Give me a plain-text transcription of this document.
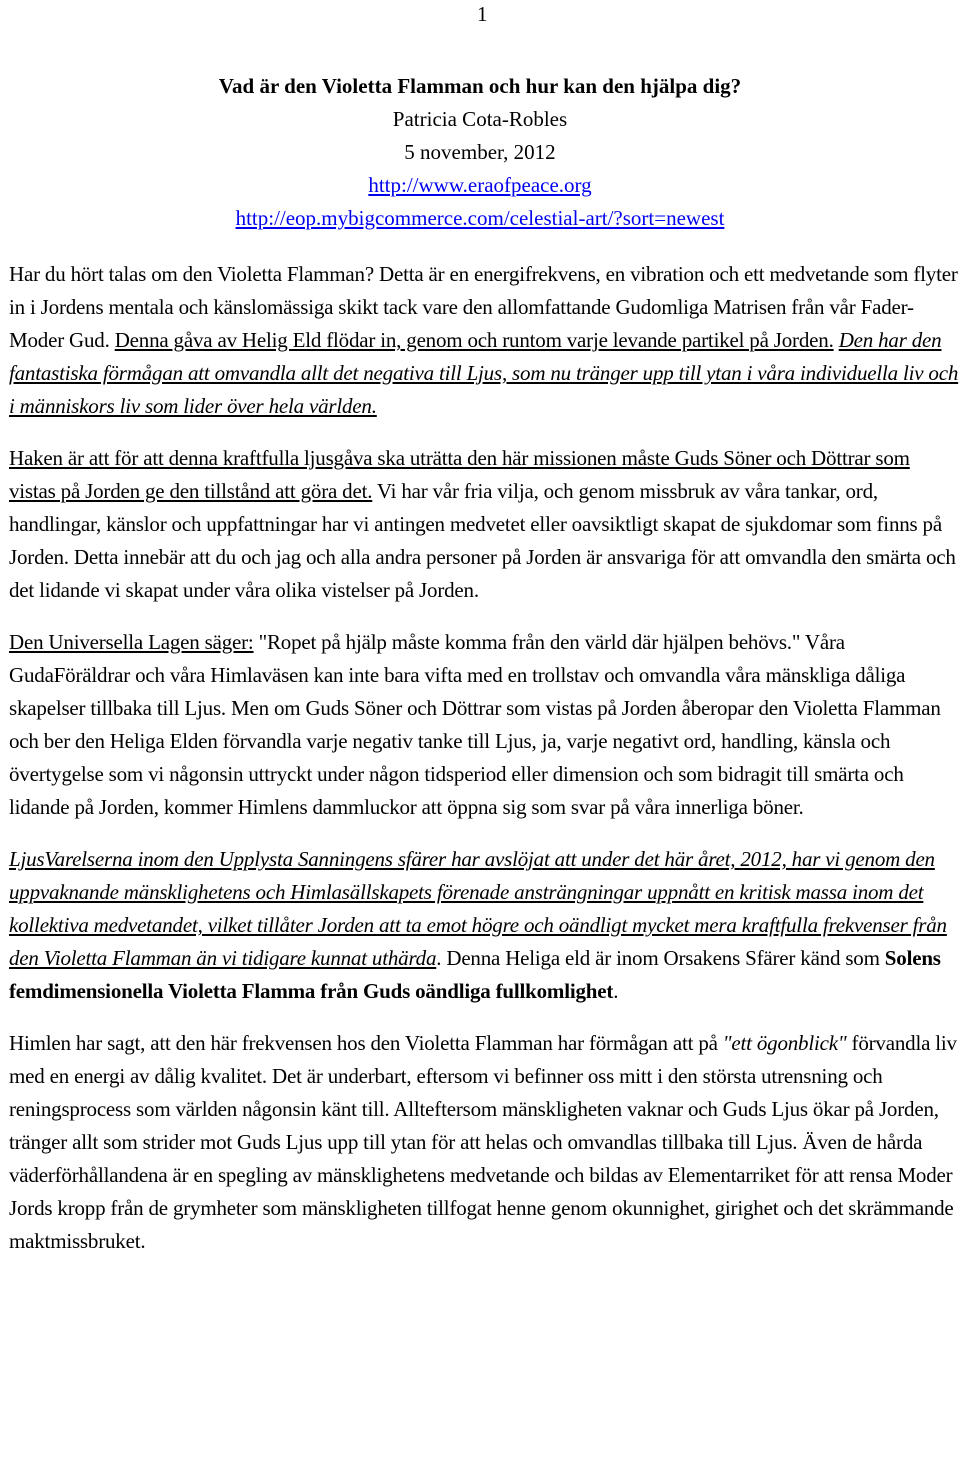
1
Vad är den Violetta Flamman och hur kan den hjälpa dig?
Patricia Cota-Robles
5 november, 2012
http://www.eraofpeace.org
http://eop.mybigcommerce.com/celestial-art/?sort=newest

Har du hört talas om den Violetta Flamman? Detta är en energifrekvens, en vibration och ett medvetande som flyter in i Jordens mentala och känslomässiga skikt tack vare den allomfattande Gudomliga Matrisen från vår Fader-Moder Gud. Denna gåva av Helig Eld flödar in, genom och runtom varje levande partikel på Jorden. Den har den fantastiska förmågan att omvandla allt det negativa till Ljus, som nu tränger upp till ytan i våra individuella liv och i människors liv som lider över hela världen.

Haken är att för att denna kraftfulla ljusgåva ska uträtta den här missionen måste Guds Söner och Döttrar som vistas på Jorden ge den tillstånd att göra det. Vi har vår fria vilja, och genom missbruk av våra tankar, ord, handlingar, känslor och uppfattningar har vi antingen medvetet eller oavsiktligt skapat de sjukdomar som finns på Jorden. Detta innebär att du och jag och alla andra personer på Jorden är ansvariga för att omvandla den smärta och det lidande vi skapat under våra olika vistelser på Jorden.

Den Universella Lagen säger: "Ropet på hjälp måste komma från den värld där hjälpen behövs." Våra GudaFöräldrar och våra Himlaväsen kan inte bara vifta med en trollstav och omvandla våra mänskliga dåliga skapelser tillbaka till Ljus. Men om Guds Söner och Döttrar som vistas på Jorden åberopar den Violetta Flamman och ber den Heliga Elden förvandla varje negativ tanke till Ljus, ja, varje negativt ord, handling, känsla och övertygelse som vi någonsin uttryckt under någon tidsperiod eller dimension och som bidragit till smärta och lidande på Jorden, kommer Himlens dammluckor att öppna sig som svar på våra innerliga böner.

LjusVarelserna inom den Upplysta Sanningens sfärer har avslöjat att under det här året, 2012, har vi genom den uppvaknande mänsklighetens och Himlasällskapets förenade ansträngningar uppnått en kritisk massa inom det kollektiva medvetandet, vilket tillåter Jorden att ta emot högre och oändligt mycket mera kraftfulla frekvenser från den Violetta Flamman än vi tidigare kunnat uthärda. Denna Heliga eld är inom Orsakens Sfärer känd som Solens femdimensionella Violetta Flamma från Guds oändliga fullkomlighet.

Himlen har sagt, att den här frekvensen hos den Violetta Flamman har förmågan att på "ett ögonblick" förvandla liv med en energi av dålig kvalitet. Det är underbart, eftersom vi befinner oss mitt i den största utrensning och reningsprocess som världen någonsin känt till. Allteftersom mänskligheten vaknar och Guds Ljus ökar på Jorden, tränger allt som strider mot Guds Ljus upp till ytan för att helas och omvandlas tillbaka till Ljus. Även de hårda väderförhållandena är en spegling av mänsklighetens medvetande och bildas av Elementarriket för att rensa Moder Jords kropp från de grymheter som mänskligheten tillfogat henne genom okunnighet, girighet och det skrämmande maktmissbruket.
